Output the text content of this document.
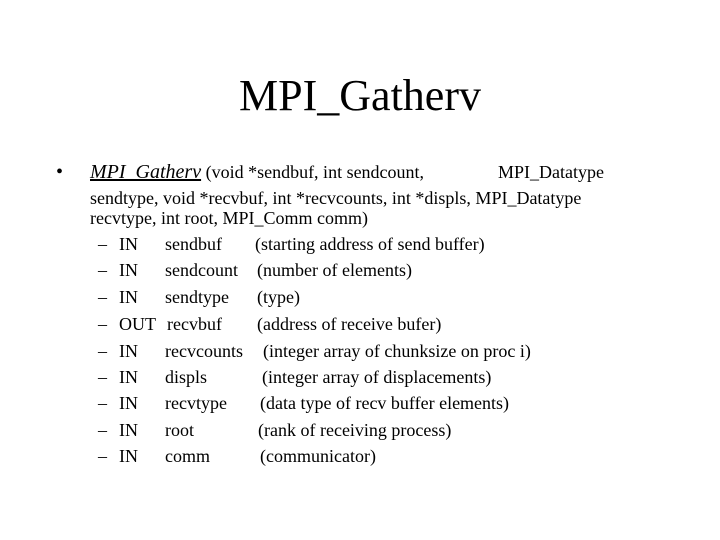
MPI_Gatherv
• MPI_Gatherv (void *sendbuf, int sendcount,	MPI_Datatype
sendtype, void *recvbuf, int *recvcounts, int *displs, MPI_Datatype
recvtype, int root, MPI_Comm comm)
– IN sendbuf (starting address of send buffer)
– IN sendcount (number of elements)
– IN sendtype (type)
– OUT recvbuf (address of receive bufer)
– IN recvcounts (integer array of chunksize on proc i)
– IN displs	(integer array of displacements)
– IN recvtype (data type of recv buffer elements)
– IN root	(rank of receiving process)
– IN comm	(communicator)
